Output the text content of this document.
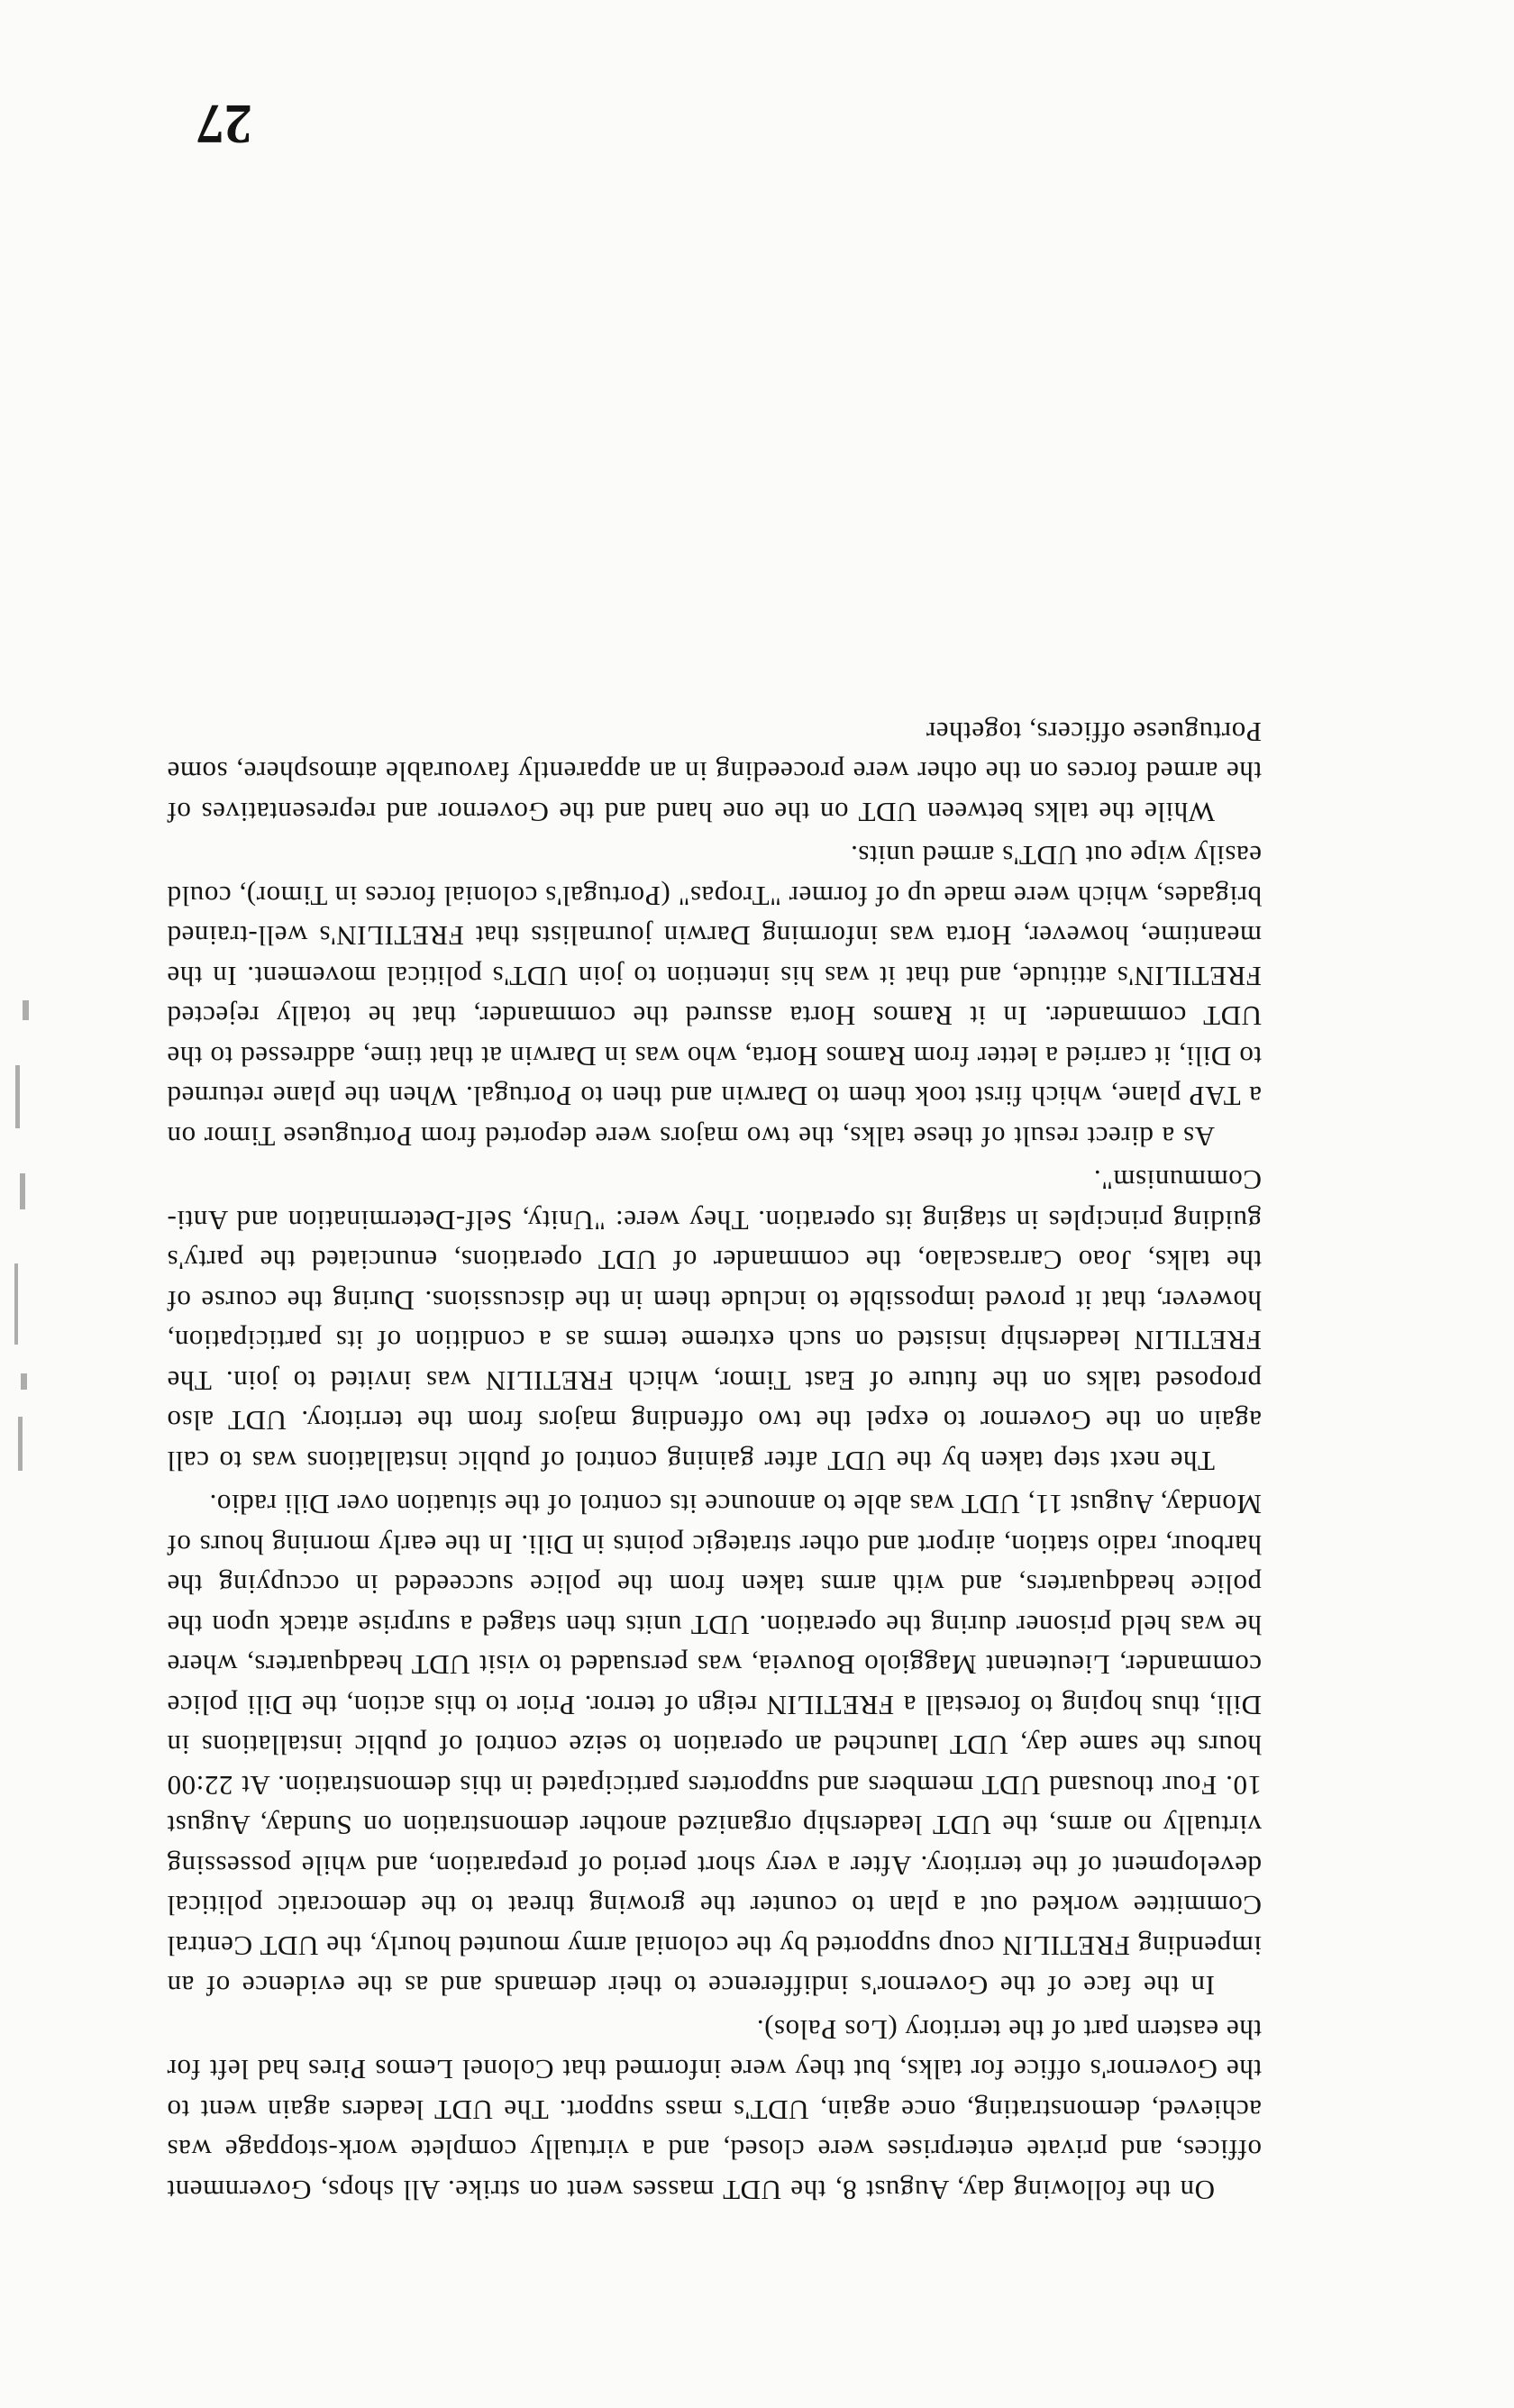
On the following day, August 8, the UDT masses went on strike. All shops, Government offices, and private enterprises were closed, and a virtually complete work-stoppage was achieved, demonstrating, once again, UDT's mass support. The UDT leaders again went to the Governor's office for talks, but they were informed that Colonel Lemos Pires had left for the eastern part of the territory (Los Palos).

In the face of the Governor's indifference to their demands and as the evidence of an impending FRETILIN coup supported by the colonial army mounted hourly, the UDT Central Committee worked out a plan to counter the growing threat to the democratic political development of the territory. After a very short period of preparation, and while possessing virtually no arms, the UDT leadership organized another demonstration on Sunday, August 10. Four thousand UDT members and supporters participated in this demonstration. At 22:00 hours the same day, UDT launched an operation to seize control of public installations in Dili, thus hoping to forestall a FRETILIN reign of terror. Prior to this action, the Dili police commander, Lieutenant Maggiolo Bouveia, was persuaded to visit UDT headquarters, where he was held prisoner during the operation. UDT units then staged a surprise attack upon the police headquarters, and with arms taken from the police succeeded in occupying the harbour, radio station, airport and other strategic points in Dili. In the early morning hours of Monday, August 11, UDT was able to announce its control of the situation over Dili radio.

The next step taken by the UDT after gaining control of public installations was to call again on the Governor to expel the two offending majors from the territory. UDT also proposed talks on the future of East Timor, which FRETILIN was invited to join. The FRETILIN leadership insisted on such extreme terms as a condition of its participation, however, that it proved impossible to include them in the discussions. During the course of the talks, Joao Carrascalao, the commander of UDT operations, enunciated the party's guiding principles in staging its operation. They were: "Unity, Self-Determination and Anti-Communism".

As a direct result of these talks, the two majors were deported from Portuguese Timor on a TAP plane, which first took them to Darwin and then to Portugal. When the plane returned to Dili, it carried a letter from Ramos Horta, who was in Darwin at that time, addressed to the UDT commander. In it Ramos Horta assured the commander, that he totally rejected FRETILIN's attitude, and that it was his intention to join UDT's political movement. In the meantime, however, Horta was informing Darwin journalists that FRETILIN's well-trained brigades, which were made up of former "Tropas" (Portugal's colonial forces in Timor), could easily wipe out UDT's armed units.

While the talks between UDT on the one hand and the Governor and representatives of the armed forces on the other were proceeding in an apparently favourable atmosphere, some Portuguese officers, together

27
